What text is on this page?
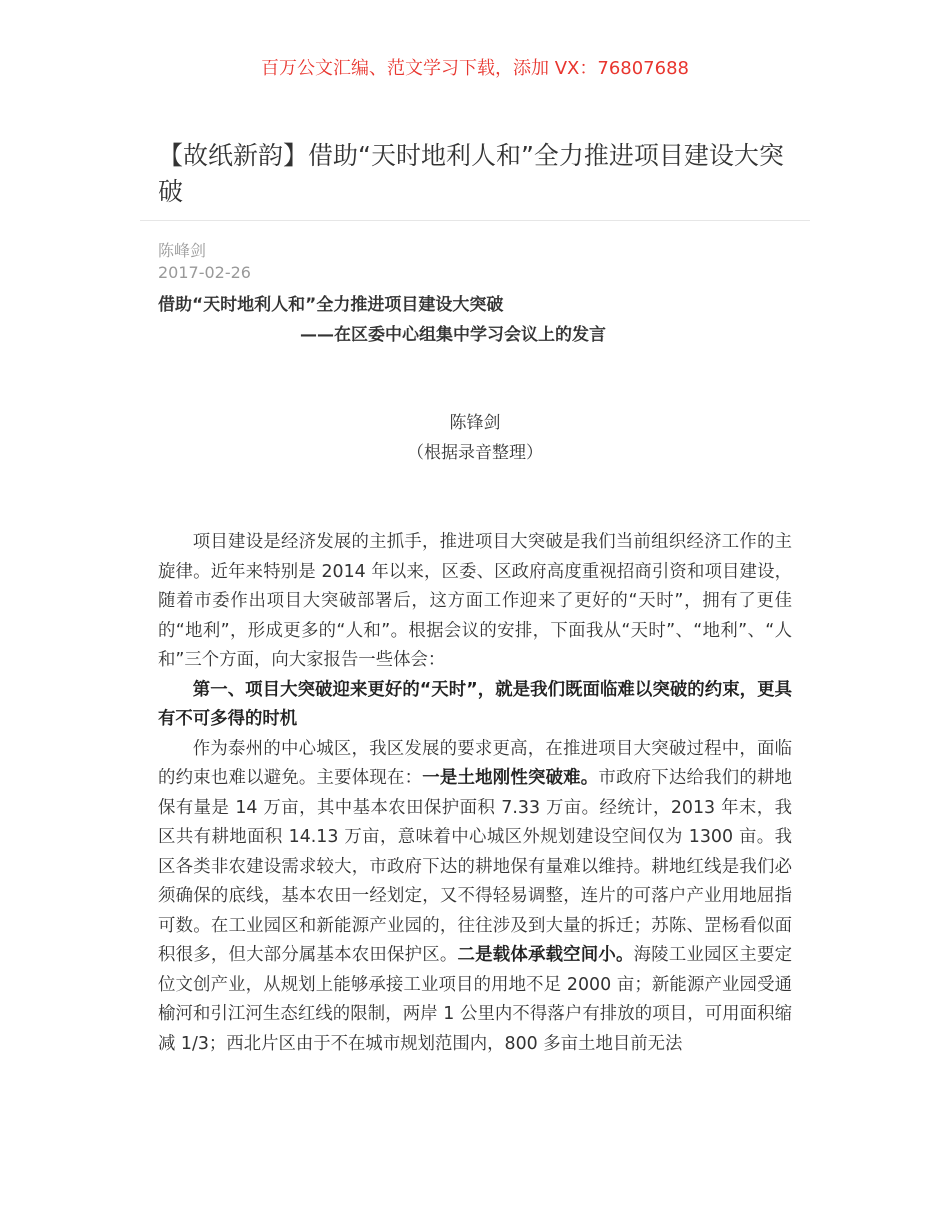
百万公文汇编、范文学习下载，添加 VX：76807688
【故纸新韵】借助“天时地利人和”全力推进项目建设大突破
陈峰剑
2017-02-26
借助“天时地利人和”全力推进项目建设大突破
——在区委中心组集中学习会议上的发言
陈锋剑
（根据录音整理）

项目建设是经济发展的主抓手，推进项目大突破是我们当前组织经济工作的主旋律。近年来特别是 2014 年以来，区委、区政府高度重视招商引资和项目建设，随着市委作出项目大突破部署后，这方面工作迎来了更好的“天时”，拥有了更佳的“地利”，形成更多的“人和”。根据会议的安排，下面我从“天时”、“地利”、“人和”三个方面，向大家报告一些体会：

第一、项目大突破迎来更好的“天时”，就是我们既面临难以突破的约束，更具有不可多得的时机

作为泰州的中心城区，我区发展的要求更高，在推进项目大突破过程中，面临的约束也难以避免。主要体现在：一是土地刚性突破难。市政府下达给我们的耕地保有量是 14 万亩，其中基本农田保护面积 7.33 万亩。经统计，2013 年末，我区共有耕地面积 14.13 万亩，意味着中心城区外规划建设空间仅为 1300 亩。我区各类非农建设需求较大，市政府下达的耕地保有量难以维持。耕地红线是我们必须确保的底线，基本农田一经划定，又不得轻易调整，连片的可落户产业用地屈指可数。在工业园区和新能源产业园的，往往涉及到大量的拆迁；苏陈、罡杨看似面积很多，但大部分属基本农田保护区。二是载体承载空间小。海陵工业园区主要定位文创产业，从规划上能够承接工业项目的用地不足 2000 亩；新能源产业园受通榆河和引江河生态红线的限制，两岸 1 公里内不得落户有排放的项目，可用面积缩减 1/3；西北片区由于不在城市规划范围内，800 多亩土地目前无法
